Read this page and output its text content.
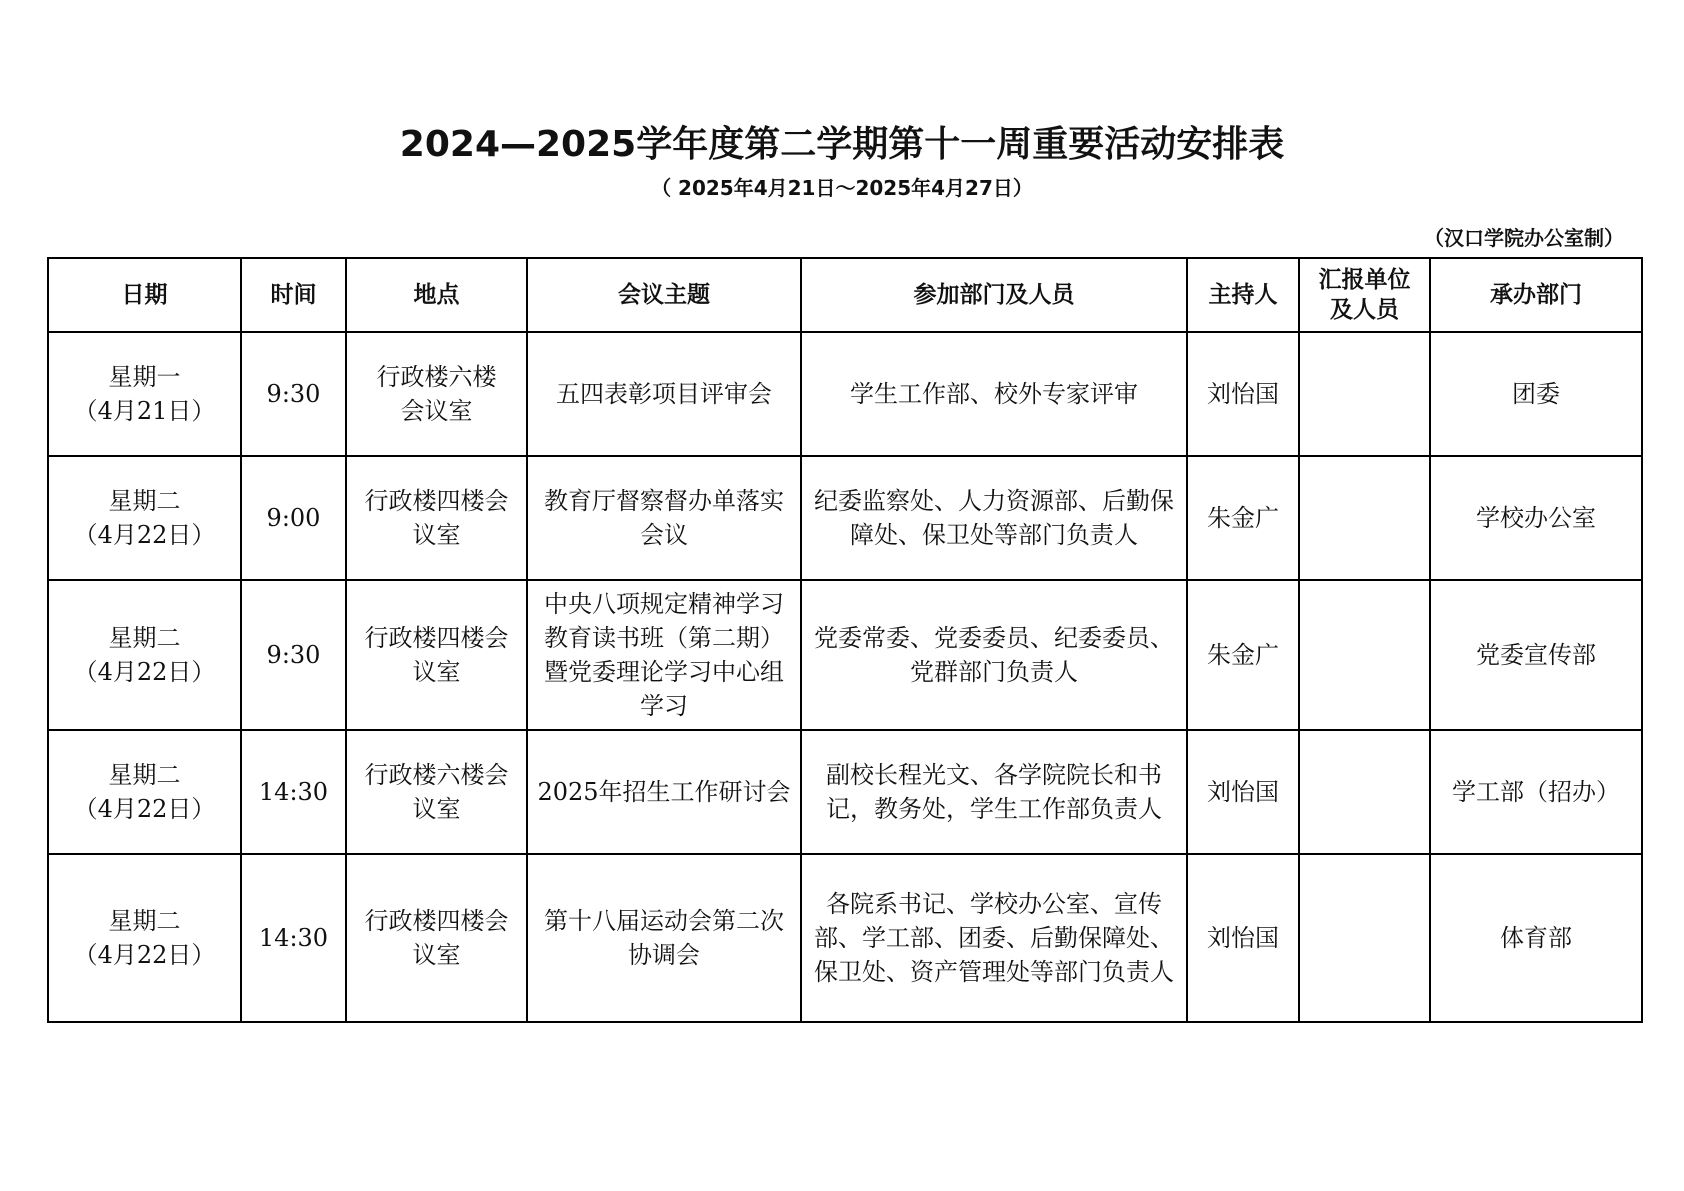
2024—2025学年度第二学期第十一周重要活动安排表
（ 2025年4月21日～2025年4月27日）
（汉口学院办公室制）
日期	时间	地点	会议主题	参加部门及人员	主持人	汇报单位及人员	承办部门

星期一
（4月21日）	9:30	行政楼六楼会议室	五四表彰项目评审会	学生工作部、校外专家评审	刘怡国		团委

星期二
（4月22日）	9:00	行政楼四楼会议室	教育厅督察督办单落实会议	纪委监察处、人力资源部、后勤保障处、保卫处等部门负责人	朱金广		学校办公室

星期二
（4月22日）	9:30	行政楼四楼会议室	中央八项规定精神学习教育读书班（第二期）暨党委理论学习中心组学习	党委常委、党委委员、纪委委员、党群部门负责人	朱金广		党委宣传部

星期二
（4月22日）	14:30	行政楼六楼会议室	2025年招生工作研讨会	副校长程光文、各学院院长和书记，教务处，学生工作部负责人	刘怡国		学工部（招办）

星期二
（4月22日）	14:30	行政楼四楼会议室	第十八届运动会第二次协调会	各院系书记、学校办公室、宣传部、学工部、团委、后勤保障处、保卫处、资产管理处等部门负责人	刘怡国		体育部
